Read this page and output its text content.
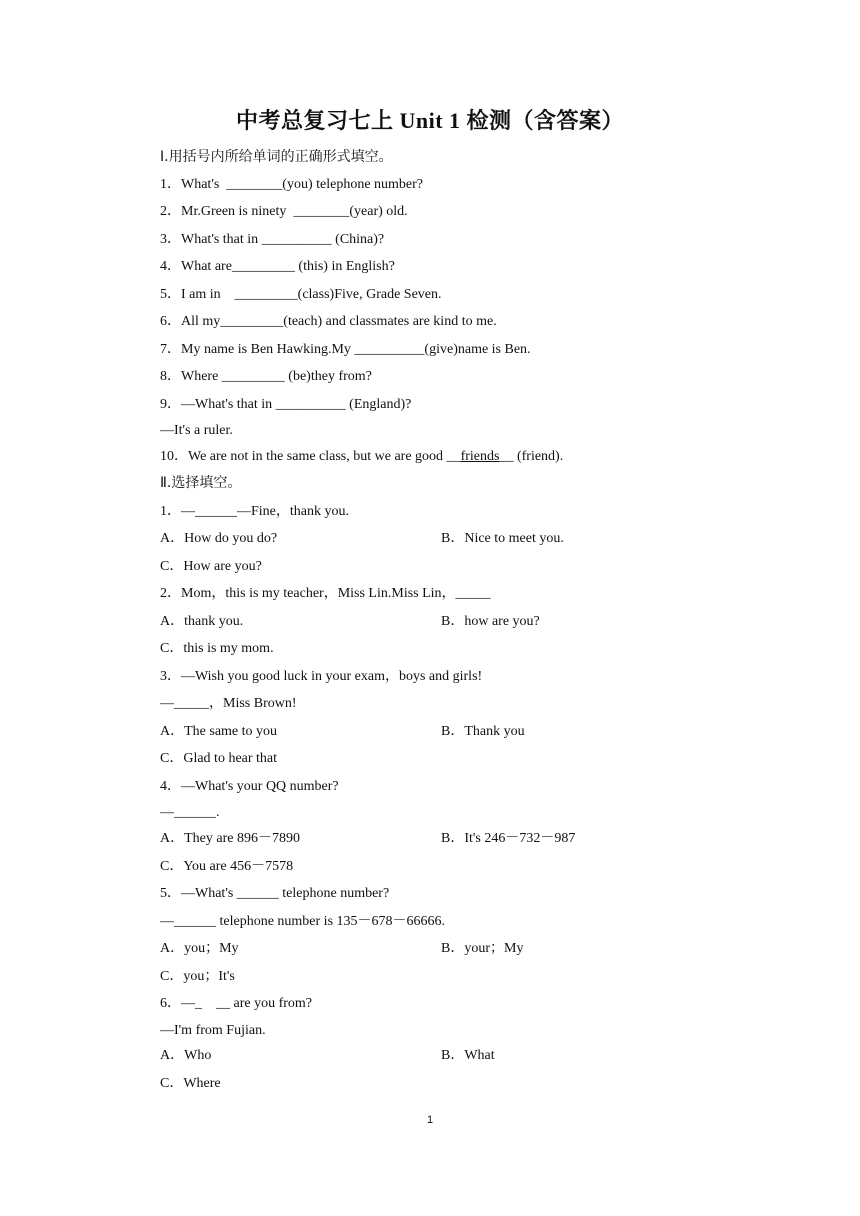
中考总复习七上 Unit 1 检测（含答案）
Ⅰ.用括号内所给单词的正确形式填空。
1．What's  ________(you) telephone number?
2．Mr.Green is ninety  ________(year) old.
3．What's that in __________ (China)?
4．What are_________ (this) in English?
5．I am in    _________(class)Five, Grade Seven.
6．All my_________(teach) and classmates are kind to me.
7．My name is Ben Hawking.My __________(give)name is Ben.
8．Where _________ (be)they from?
9．—What's that in __________ (England)?
—It's a ruler.
10．We are not in the same class, but we are good __friends__ (friend).
Ⅱ.选择填空。
1．—______—Fine，thank you.
A．How do you do?	B．Nice to meet you.
C．How are you?
2．Mom，this is my teacher，Miss Lin.Miss Lin，_____
A．thank you.	B．how are you?
C．this is my mom.
3．—Wish you good luck in your exam，boys and girls!
—_____，Miss Brown!
A．The same to you	B．Thank you
C．Glad to hear that
4．—What's your QQ number?
—______.
A．They are 896－7890	B．It's 246－732－987
C．You are 456－7578
5．—What's ______ telephone number?
—______ telephone number is 135－678－66666.
A．you；My	B．your；My
C．you；It's
6．—_    __ are you from?
—I'm from Fujian.
A．Who	B．What
C．Where
1
